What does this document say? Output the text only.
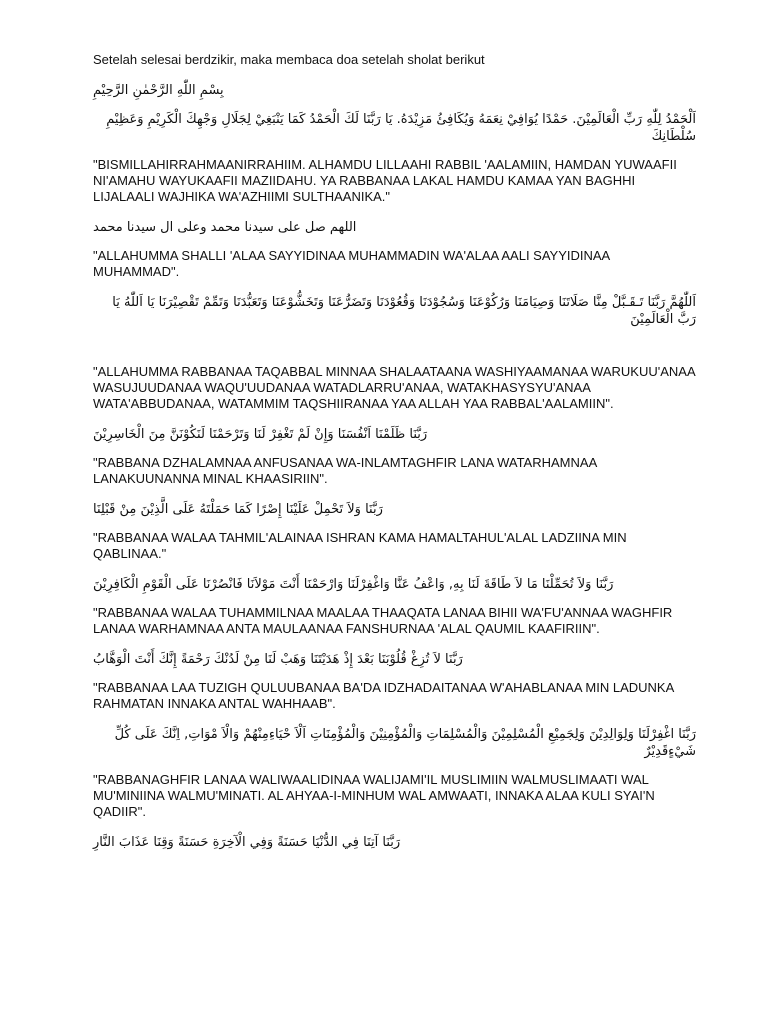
Setelah selesai berdzikir, maka membaca doa setelah sholat berikut

بِسْمِ اللّٰهِ الرَّحْمٰنِ الرَّحِيْمِ

اَلْحَمْدُ لِلّٰهِ رَبِّ الْعَالَمِيْنَ. حَمْدًا يُوَافِيْ نِعَمَهُ وَيُكَافِئُ مَزِيْدَهُ. يَا رَبَّنَا لَكَ الْحَمْدُ كَمَا يَنْبَغِيْ لِجَلَالِ وَجْهِكَ الْكَرِيْمِ وَعَظِيْمِ سُلْطَانِكَ

"BISMILLAHIRRAHMAANIRRAHIIM. ALHAMDU LILLAAHI RABBIL 'AALAMIIN, HAMDAN YUWAAFII NI'AMAHU WAYUKAAFII MAZIIDAHU. YA RABBANAA LAKAL HAMDU KAMAA YAN BAGHHI LIJALAALI WAJHIKA WA'AZHIIMI SULTHAANIKA."

اللهم صل على سيدنا محمد وعلى ال سيدنا محمد

"ALLAHUMMA SHALLI 'ALAA SAYYIDINAA MUHAMMADIN WA'ALAA AALI SAYYIDINAA MUHAMMAD".

اَللّٰهُمَّ رَبَّنَا تَـقَـبَّلْ مِنَّا صَلَاتَنَا وَصِيَامَنَا وَرُكُوْعَنَا وَسُجُوْدَنَا وَقُعُوْدَنَا وَتَضَرُّعَنَا وَتَخَشُّوْعَنَا وَتَعَبُّدَنَا وَتَمِّمْ تَقْصِيْرَنَا يَا اَللّٰهُ يَا رَبَّ الْعَالَمِيْنَ

"ALLAHUMMA RABBANAA TAQABBAL MINNAA SHALAATAANA WASHIYAAMANAA WARUKUU'ANAA WASUJUUDANAA WAQU'UUDANAA WATADLARRU'ANAA, WATAKHASYSYU'ANAA WATA'ABBUDANAA, WATAMMIM TAQSHIIRANAA YAA ALLAH YAA RABBAL'AALAMIIN".

رَبَّنَا ظَلَمْنَا اَنْفُسَنَا وَإِنْ لَمْ تَغْفِرْ لَنَا وَتَرْحَمْنَا لَنَكُوْنَنَّ مِنَ الْخَاسِرِيْنَ

"RABBANA DZHALAMNAA ANFUSANAA WA-INLAMTAGHFIR LANA WATARHAMNAA LANAKUUNANNA MINAL KHAASIRIIN".

رَبَّنَا وَلاَ تَحْمِلْ عَلَيْنَا إِصْرًا كَمَا حَمَلْتَهُ عَلَى الَّذِيْنَ مِنْ قَبْلِنَا

"RABBANAA WALAA TAHMIL'ALAINAA ISHRAN KAMA HAMALTAHUL'ALAL LADZIINA MIN QABLINAA."

رَبَّنَا وَلاَ تُحَمِّلْنَا مَا لاَ طَاقَةَ لَنَا بِهِ, وَاعْفُ عَنَّا وَاغْفِرْلَنَا وَارْحَمْنَا أَنْتَ مَوْلاَنَا فَانْصُرْنَا عَلَى الْقَوْمِ الْكَافِرِيْنَ

"RABBANAA WALAA TUHAMMILNAA MAALAA THAAQATA LANAA BIHII WA'FU'ANNAA WAGHFIR LANAA WARHAMNAA ANTA MAULAANAA FANSHURNAA 'ALAL QAUMIL KAAFIRIIN".

رَبَّنَا لاَ تُزِغْ قُلُوْبَنَا بَعْدَ إِذْ هَدَيْتَنَا وَهَبْ لَنَا مِنْ لَدُنْكَ رَحْمَةً إِنَّكَ أَنْتَ الْوَهَّابُ

"RABBANAA LAA TUZIGH QULUUBANAA BA'DA IDZHADAITANAA W'AHABLANAA MIN LADUNKA RAHMATAN INNAKA ANTAL WAHHAAB".

رَبَّنَا اغْفِرْلَنَا وَلِوَالِدِيْنَ وَلِجَمِيْعِ الْمُسْلِمِيْنَ وَالْمُسْلِمَاتِ وَالْمُؤْمِنِيْنَ وَالْمُؤْمِنَاتِ اَلْاَ حْيَاءِمِنْهُمْ وَالْاَ مْوَاتِ, اِنَّكَ عَلَى كُلِّ شَيْءٍقَدِيْرٌ

"RABBANAGHFIR LANAA WALIWAALIDINAA WALIJAMI'IL MUSLIMIIN WALMUSLIMAATI WAL MU'MINIINA WALMU'MINATI. AL AHYAA-I-MINHUM WAL AMWAATI, INNAKA ALAA KULI SYAI'N QADIIR".

رَبَّنَا آتِنَا فِي الدُّنْيَا حَسَنَةً وَفِي الْآخِرَةِ حَسَنَةً وَقِنَا عَذَابَ النَّارِ
